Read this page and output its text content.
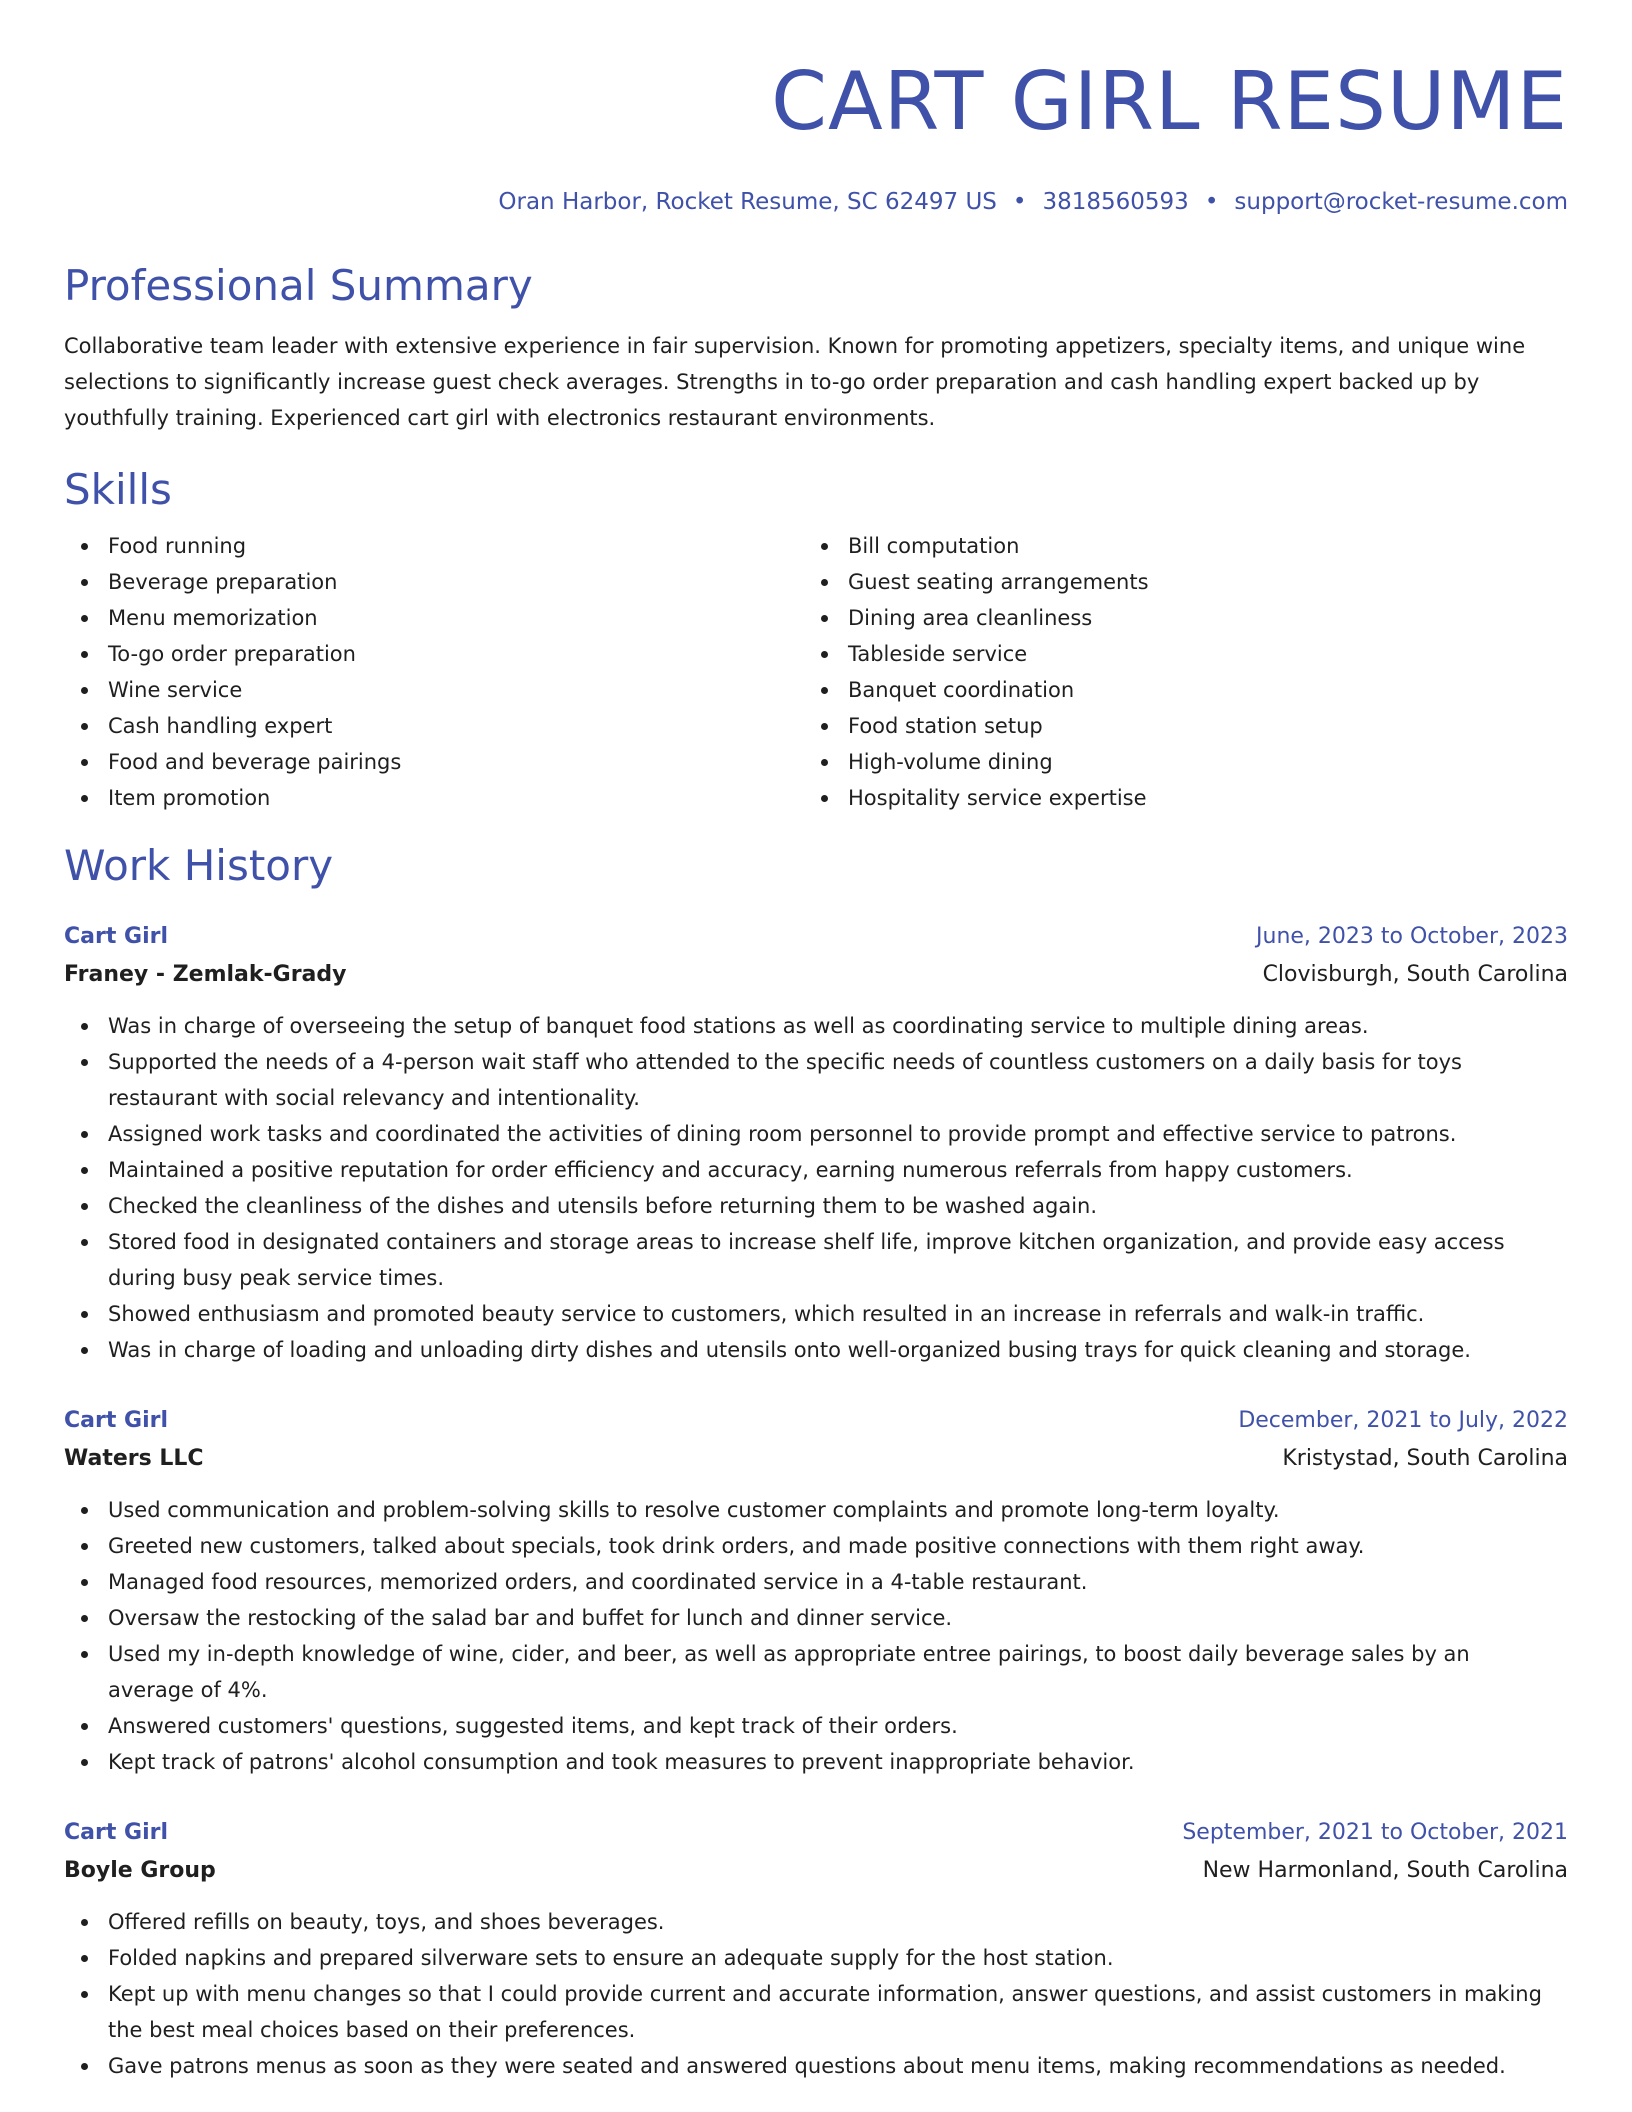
CART GIRL RESUME
Oran Harbor, Rocket Resume, SC 62497 US • 3818560593 • support@rocket-resume.com
Professional Summary
Collaborative team leader with extensive experience in fair supervision. Known for promoting appetizers, specialty items, and unique wine selections to significantly increase guest check averages. Strengths in to-go order preparation and cash handling expert backed up by youthfully training. Experienced cart girl with electronics restaurant environments.
Skills
Food running
Beverage preparation
Menu memorization
To-go order preparation
Wine service
Cash handling expert
Food and beverage pairings
Item promotion
Bill computation
Guest seating arrangements
Dining area cleanliness
Tableside service
Banquet coordination
Food station setup
High-volume dining
Hospitality service expertise
Work History
Cart Girl	June, 2023 to October, 2023
Franey - Zemlak-Grady	Clovisburgh, South Carolina
Was in charge of overseeing the setup of banquet food stations as well as coordinating service to multiple dining areas.
Supported the needs of a 4-person wait staff who attended to the specific needs of countless customers on a daily basis for toys restaurant with social relevancy and intentionality.
Assigned work tasks and coordinated the activities of dining room personnel to provide prompt and effective service to patrons.
Maintained a positive reputation for order efficiency and accuracy, earning numerous referrals from happy customers.
Checked the cleanliness of the dishes and utensils before returning them to be washed again.
Stored food in designated containers and storage areas to increase shelf life, improve kitchen organization, and provide easy access during busy peak service times.
Showed enthusiasm and promoted beauty service to customers, which resulted in an increase in referrals and walk-in traffic.
Was in charge of loading and unloading dirty dishes and utensils onto well-organized busing trays for quick cleaning and storage.
Cart Girl	December, 2021 to July, 2022
Waters LLC	Kristystad, South Carolina
Used communication and problem-solving skills to resolve customer complaints and promote long-term loyalty.
Greeted new customers, talked about specials, took drink orders, and made positive connections with them right away.
Managed food resources, memorized orders, and coordinated service in a 4-table restaurant.
Oversaw the restocking of the salad bar and buffet for lunch and dinner service.
Used my in-depth knowledge of wine, cider, and beer, as well as appropriate entree pairings, to boost daily beverage sales by an average of 4%.
Answered customers' questions, suggested items, and kept track of their orders.
Kept track of patrons' alcohol consumption and took measures to prevent inappropriate behavior.
Cart Girl	September, 2021 to October, 2021
Boyle Group	New Harmonland, South Carolina
Offered refills on beauty, toys, and shoes beverages.
Folded napkins and prepared silverware sets to ensure an adequate supply for the host station.
Kept up with menu changes so that I could provide current and accurate information, answer questions, and assist customers in making the best meal choices based on their preferences.
Gave patrons menus as soon as they were seated and answered questions about menu items, making recommendations as needed.
